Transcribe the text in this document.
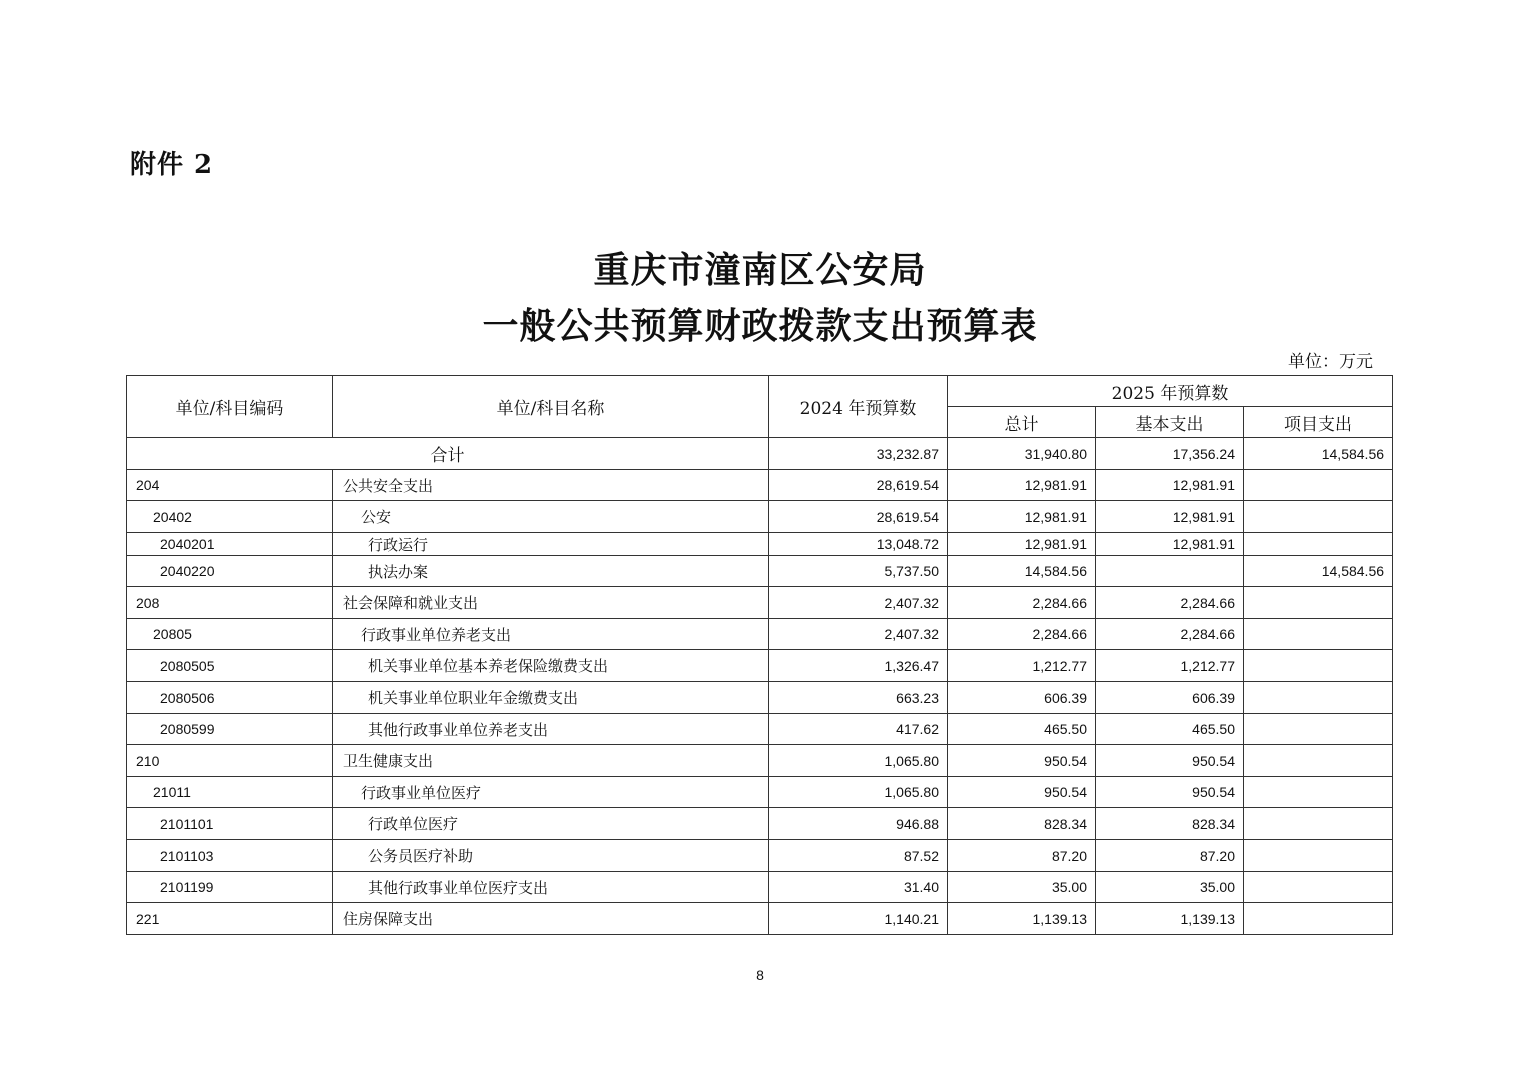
附件 2
重庆市潼南区公安局
一般公共预算财政拨款支出预算表
单位：万元
单位/科目编码	单位/科目名称	2024 年预算数	2025 年预算数		
			总计	基本支出	项目支出
合计		33,232.87	31,940.80	17,356.24	14,584.56
204	公共安全支出	28,619.54	12,981.91	12,981.91	
20402	公安	28,619.54	12,981.91	12,981.91	
2040201	行政运行	13,048.72	12,981.91	12,981.91	
2040220	执法办案	5,737.50	14,584.56		14,584.56
208	社会保障和就业支出	2,407.32	2,284.66	2,284.66	
20805	行政事业单位养老支出	2,407.32	2,284.66	2,284.66	
2080505	机关事业单位基本养老保险缴费支出	1,326.47	1,212.77	1,212.77	
2080506	机关事业单位职业年金缴费支出	663.23	606.39	606.39	
2080599	其他行政事业单位养老支出	417.62	465.50	465.50	
210	卫生健康支出	1,065.80	950.54	950.54	
21011	行政事业单位医疗	1,065.80	950.54	950.54	
2101101	行政单位医疗	946.88	828.34	828.34	
2101103	公务员医疗补助	87.52	87.20	87.20	
2101199	其他行政事业单位医疗支出	31.40	35.00	35.00	
221	住房保障支出	1,140.21	1,139.13	1,139.13	
8
